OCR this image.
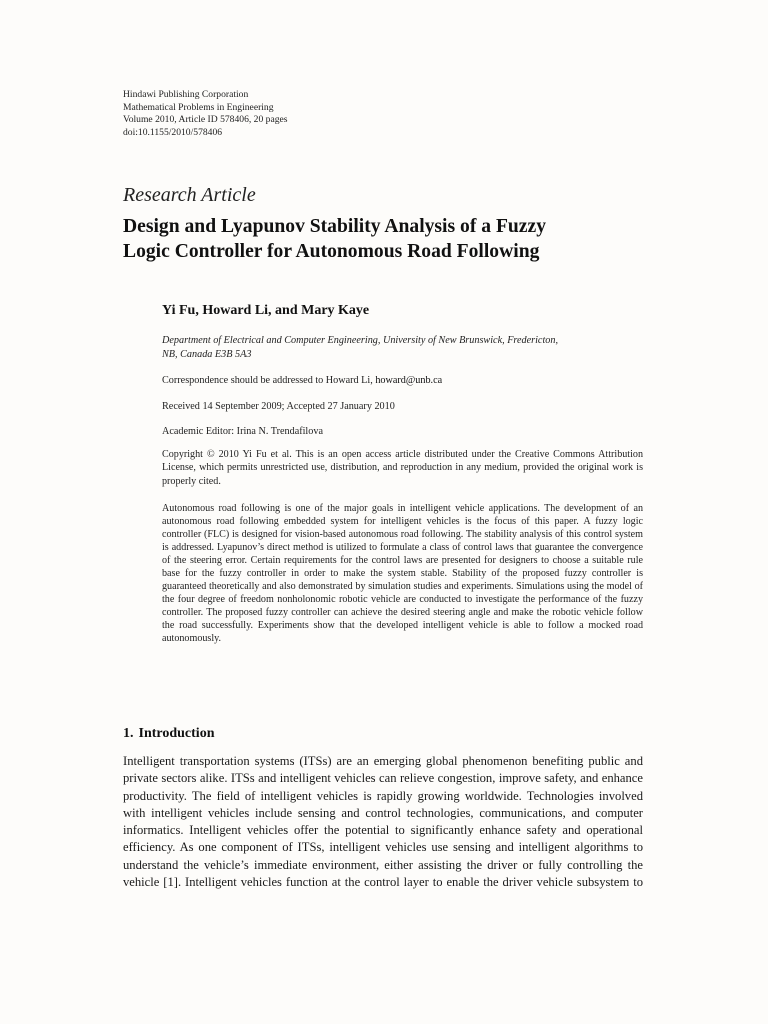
Hindawi Publishing Corporation
Mathematical Problems in Engineering
Volume 2010, Article ID 578406, 20 pages
doi:10.1155/2010/578406
Research Article
Design and Lyapunov Stability Analysis of a Fuzzy
Logic Controller for Autonomous Road Following
Yi Fu, Howard Li, and Mary Kaye
Department of Electrical and Computer Engineering, University of New Brunswick, Fredericton,
NB, Canada E3B 5A3
Correspondence should be addressed to Howard Li, howard@unb.ca
Received 14 September 2009; Accepted 27 January 2010
Academic Editor: Irina N. Trendafilova
Copyright © 2010 Yi Fu et al. This is an open access article distributed under the Creative Commons Attribution License, which permits unrestricted use, distribution, and reproduction in any medium, provided the original work is properly cited.
Autonomous road following is one of the major goals in intelligent vehicle applications. The development of an autonomous road following embedded system for intelligent vehicles is the focus of this paper. A fuzzy logic controller (FLC) is designed for vision-based autonomous road following. The stability analysis of this control system is addressed. Lyapunov’s direct method is utilized to formulate a class of control laws that guarantee the convergence of the steering error. Certain requirements for the control laws are presented for designers to choose a suitable rule base for the fuzzy controller in order to make the system stable. Stability of the proposed fuzzy controller is guaranteed theoretically and also demonstrated by simulation studies and experiments. Simulations using the model of the four degree of freedom nonholonomic robotic vehicle are conducted to investigate the performance of the fuzzy controller. The proposed fuzzy controller can achieve the desired steering angle and make the robotic vehicle follow the road successfully. Experiments show that the developed intelligent vehicle is able to follow a mocked road autonomously.
1. Introduction
Intelligent transportation systems (ITSs) are an emerging global phenomenon benefiting public and private sectors alike. ITSs and intelligent vehicles can relieve congestion, improve safety, and enhance productivity. The field of intelligent vehicles is rapidly growing worldwide. Technologies involved with intelligent vehicles include sensing and control technologies, communications, and computer informatics. Intelligent vehicles offer the potential to significantly enhance safety and operational efficiency. As one component of ITSs, intelligent vehicles use sensing and intelligent algorithms to understand the vehicle’s immediate environment, either assisting the driver or fully controlling the vehicle [1]. Intelligent vehicles function at the control layer to enable the driver vehicle subsystem to
